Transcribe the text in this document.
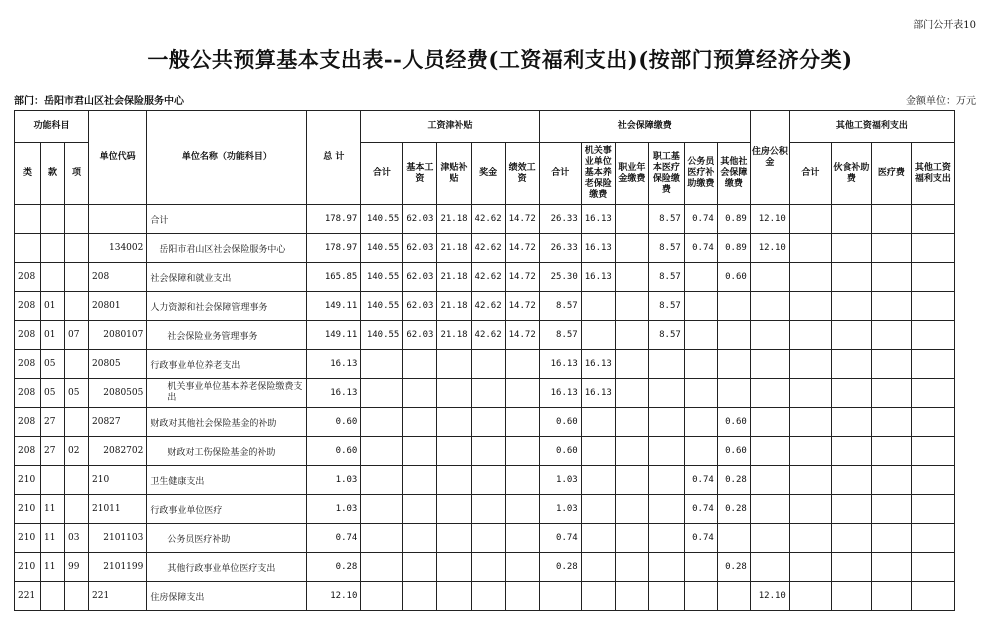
部门公开表10
一般公共预算基本支出表--人员经费(工资福利支出)(按部门预算经济分类)
部门：岳阳市君山区社会保险服务中心	金额单位：万元
功能科目			单位代码	单位名称（功能科目）	总 计	工资津补贴					社会保障缴费						住房公积金	其他工资福利支出			
类	款	项				合计	基本工资	津贴补贴	奖金	绩效工资	合计	机关事业单位基本养老保险缴费	职业年金缴费	职工基本医疗保险缴费	公务员医疗补助缴费	其他社会保障缴费		合计	伙食补助费	医疗费	其他工资福利支出
				合计	178.97	140.55	62.03	21.18	42.62	14.72	26.33	16.13		8.57	0.74	0.89	12.10				
			134002	岳阳市君山区社会保险服务中心	178.97	140.55	62.03	21.18	42.62	14.72	26.33	16.13		8.57	0.74	0.89	12.10				
208			208	社会保障和就业支出	165.85	140.55	62.03	21.18	42.62	14.72	25.30	16.13		8.57		0.60					
208	01		20801	人力资源和社会保障管理事务	149.11	140.55	62.03	21.18	42.62	14.72	8.57			8.57							
208	01	07	2080107	社会保险业务管理事务	149.11	140.55	62.03	21.18	42.62	14.72	8.57			8.57							
208	05		20805	行政事业单位养老支出	16.13						16.13	16.13									
208	05	05	2080505	机关事业单位基本养老保险缴费支出	16.13						16.13	16.13									
208	27		20827	财政对其他社会保险基金的补助	0.60						0.60					0.60					
208	27	02	2082702	财政对工伤保险基金的补助	0.60						0.60					0.60					
210			210	卫生健康支出	1.03						1.03				0.74	0.28					
210	11		21011	行政事业单位医疗	1.03						1.03				0.74	0.28					
210	11	03	2101103	公务员医疗补助	0.74						0.74				0.74						
210	11	99	2101199	其他行政事业单位医疗支出	0.28						0.28					0.28					
221			221	住房保障支出	12.10												12.10				
